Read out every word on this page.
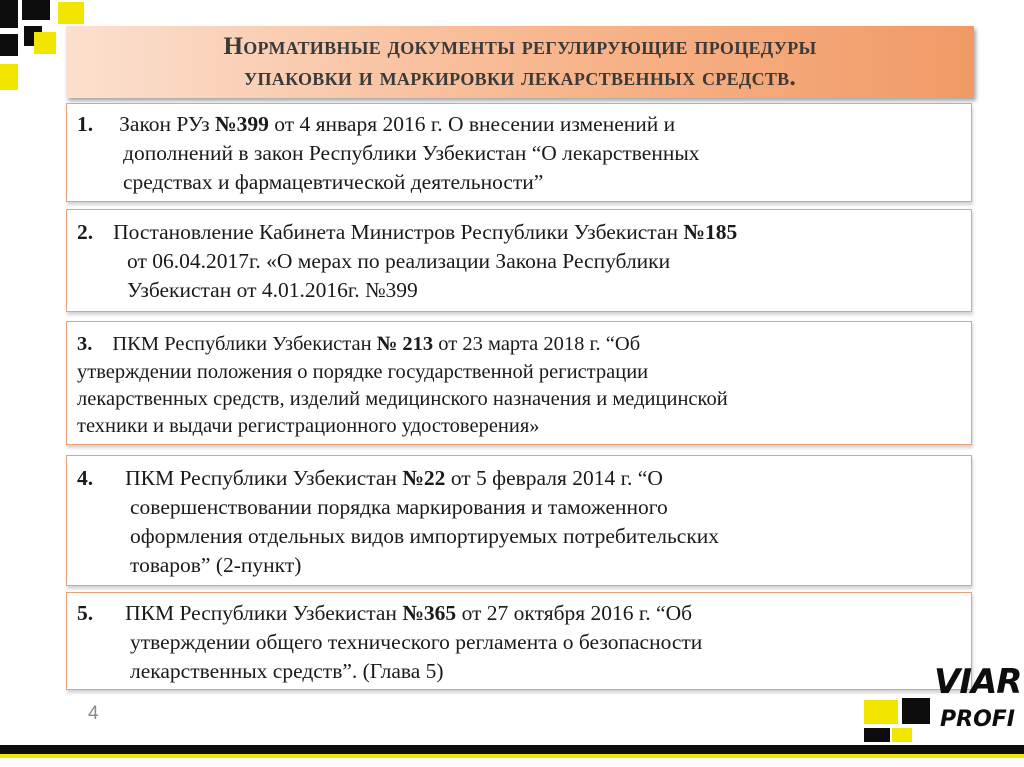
Нормативные документы регулирующие процедуры
упаковки и маркировки лекарственных средств.

1. Закон РУз №399 от 4 января 2016 г. О внесении изменений и

дополнений в закон Республики Узбекистан “О лекарственных
средствах и фармацевтической деятельности”

2. Постановление Кабинета Министров Республики Узбекистан №185

от 06.04.2017г. «О мерах по реализации Закона Республики
Узбекистан от 4.01.2016г. №399

3. ПКМ Республики Узбекистан № 213 от 23 марта 2018 г. “Об

утверждении положения о порядке государственной регистрации
лекарственных средств, изделий медицинского назначения и медицинской
техники и выдачи регистрационного удостоверения»

4. ПКМ Республики Узбекистан №22 от 5 февраля 2014 г. “О

совершенствовании порядка маркирования и таможенного
оформления отдельных видов импортируемых потребительских
товаров” (2-пункт)

5. ПКМ Республики Узбекистан №365 от 27 октября 2016 г. “Об

утверждении общего технического регламента о безопасности
лекарственных средств”. (Глава 5)

4
VIAR
PROFI
